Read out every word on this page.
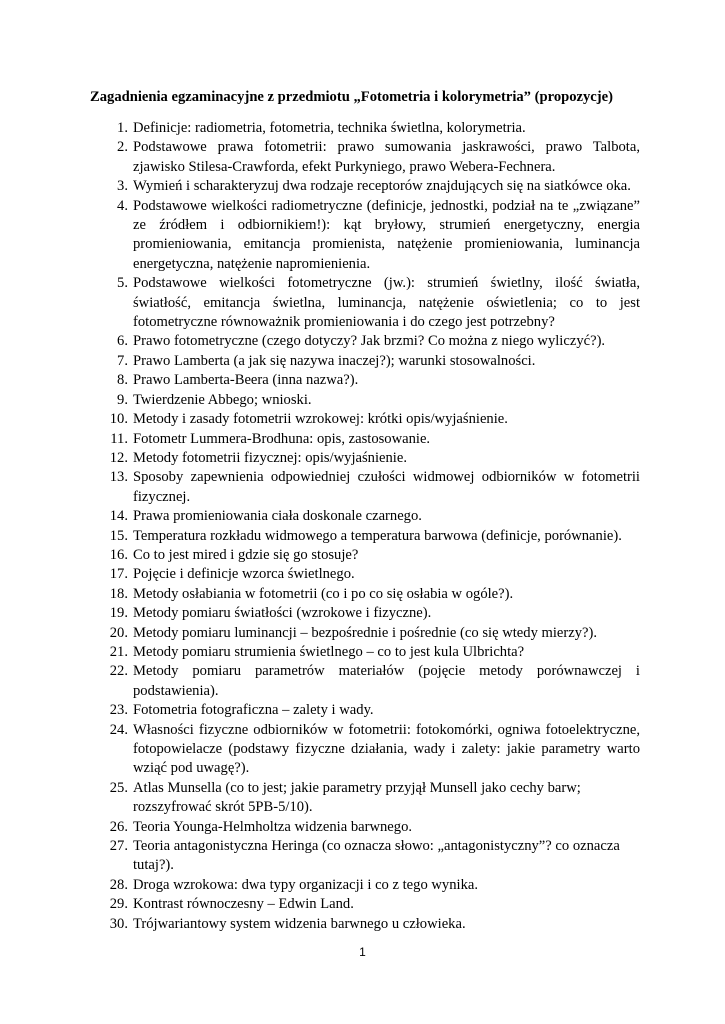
Zagadnienia egzaminacyjne z przedmiotu „Fotometria i kolorymetria” (propozycje)
1. Definicje: radiometria, fotometria, technika świetlna, kolorymetria.
2. Podstawowe prawa fotometrii: prawo sumowania jaskrawości, prawo Talbota, zjawisko Stilesa-Crawforda, efekt Purkyniego, prawo Webera-Fechnera.
3. Wymień i scharakteryzuj dwa rodzaje receptorów znajdujących się na siatkówce oka.
4. Podstawowe wielkości radiometryczne (definicje, jednostki, podział na te „związane” ze źródłem i odbiornikiem!): kąt bryłowy, strumień energetyczny, energia promieniowania, emitancja promienista, natężenie promieniowania, luminancja energetyczna, natężenie napromienienia.
5. Podstawowe wielkości fotometryczne (jw.): strumień świetlny, ilość światła, światłość, emitancja świetlna, luminancja, natężenie oświetlenia; co to jest fotometryczne równoważnik promieniowania i do czego jest potrzebny?
6. Prawo fotometryczne (czego dotyczy? Jak brzmi? Co można z niego wyliczyć?).
7. Prawo Lamberta (a jak się nazywa inaczej?); warunki stosowalności.
8. Prawo Lamberta-Beera (inna nazwa?).
9. Twierdzenie Abbego; wnioski.
10. Metody i zasady fotometrii wzrokowej: krótki opis/wyjaśnienie.
11. Fotometr Lummera-Brodhuna: opis, zastosowanie.
12. Metody fotometrii fizycznej: opis/wyjaśnienie.
13. Sposoby zapewnienia odpowiedniej czułości widmowej odbiorników w fotometrii fizycznej.
14. Prawa promieniowania ciała doskonale czarnego.
15. Temperatura rozkładu widmowego a temperatura barwowa (definicje, porównanie).
16. Co to jest mired i gdzie się go stosuje?
17. Pojęcie i definicje wzorca świetlnego.
18. Metody osłabiania w fotometrii (co i po co się osłabia w ogóle?).
19. Metody pomiaru światłości (wzrokowe i fizyczne).
20. Metody pomiaru luminancji – bezpośrednie i pośrednie (co się wtedy mierzy?).
21. Metody pomiaru strumienia świetlnego – co to jest kula Ulbrichta?
22. Metody pomiaru parametrów materiałów (pojęcie metody porównawczej i podstawienia).
23. Fotometria fotograficzna – zalety i wady.
24. Własności fizyczne odbiorników w fotometrii: fotokomórki, ogniwa fotoelektryczne, fotopowielacze (podstawy fizyczne działania, wady i zalety: jakie parametry warto wziąć pod uwagę?).
25. Atlas Munsella (co to jest; jakie parametry przyjął Munsell jako cechy barw; rozszyfrować skrót 5PB-5/10).
26. Teoria Younga-Helmholtza widzenia barwnego.
27. Teoria antagonistyczna Heringa (co oznacza słowo: „antagonistyczny”? co oznacza tutaj?).
28. Droga wzrokowa: dwa typy organizacji i co z tego wynika.
29. Kontrast równoczesny – Edwin Land.
30. Trójwariantowy system widzenia barwnego u człowieka.
1
